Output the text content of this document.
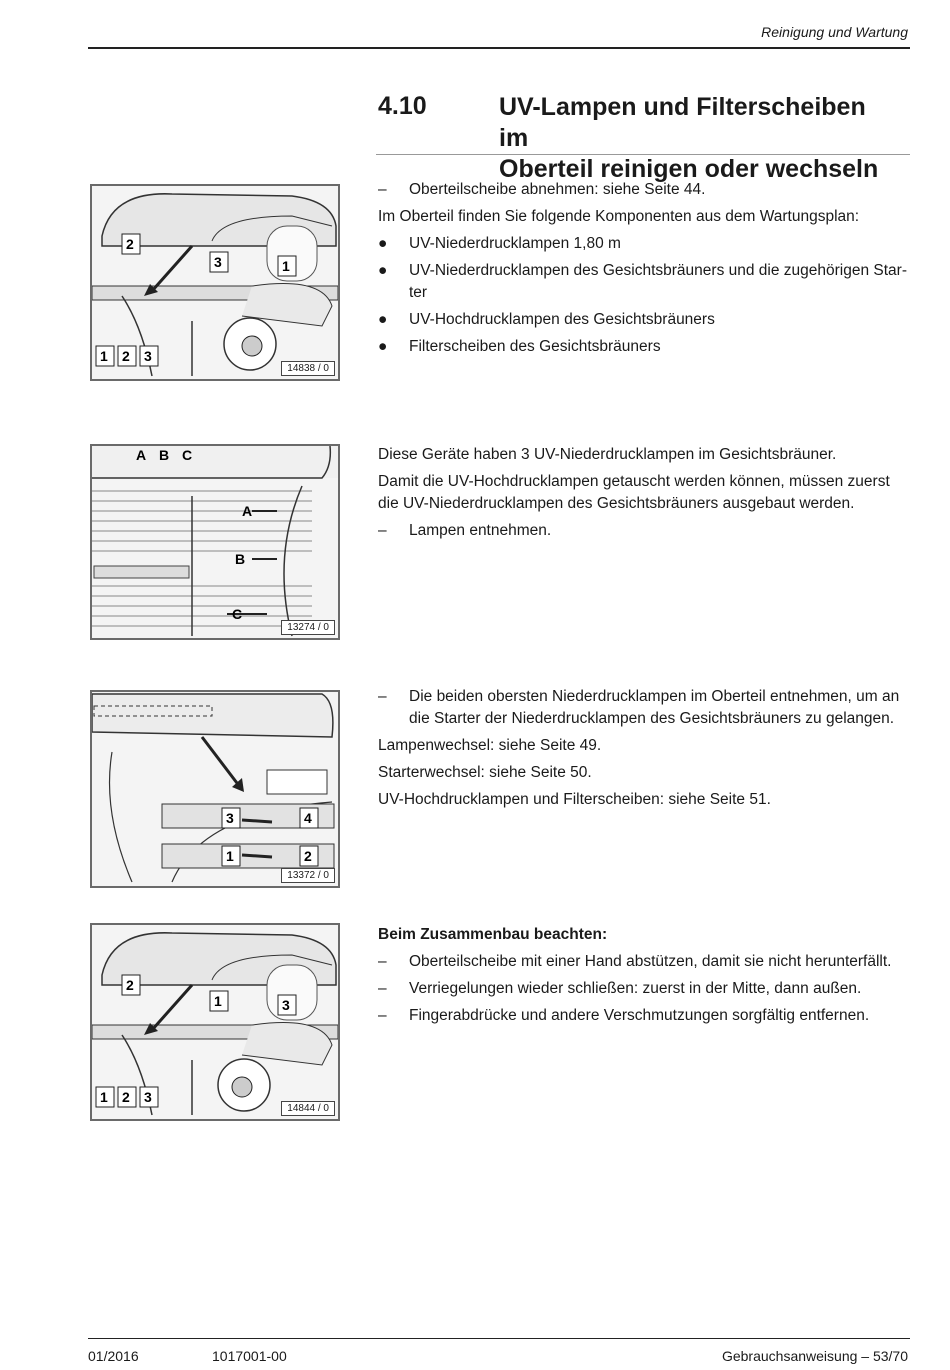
Reinigung und Wartung
4.10	UV-Lampen und Filterscheiben im
Oberteil reinigen oder wechseln
2
3	1
1 2 3
14838 / 0
– Oberteilscheibe abnehmen: siehe Seite 44.
Im Oberteil finden Sie folgende Komponenten aus dem Wartungsplan:
● UV-Niederdrucklampen 1,80 m
● UV-Niederdrucklampen des Gesichtsbräuners und die zugehörigen Star-ter
● UV-Hochdrucklampen des Gesichtsbräuners
● Filterscheiben des Gesichtsbräuners
A B C
A
B
C
13274 / 0
Diese Geräte haben 3 UV-Niederdrucklampen im Gesichtsbräuner.
Damit die UV-Hochdrucklampen getauscht werden können, müssen zuerst die UV-Niederdrucklampen des Gesichtsbräuners ausgebaut werden.
– Lampen entnehmen.
3	4
1	2
13372 / 0
– Die beiden obersten Niederdrucklampen im Oberteil entnehmen, um an die Starter der Niederdrucklampen des Gesichtsbräuners zu gelangen.
Lampenwechsel: siehe Seite 49.
Starterwechsel: siehe Seite 50.
UV-Hochdrucklampen und Filterscheiben: siehe Seite 51.
2
1	3
1 2 3
14844 / 0
Beim Zusammenbau beachten:
– Oberteilscheibe mit einer Hand abstützen, damit sie nicht herunterfällt.
– Verriegelungen wieder schließen: zuerst in der Mitte, dann außen.
– Fingerabdrücke und andere Verschmutzungen sorgfältig entfernen.
01/2016	1017001-00	Gebrauchsanweisung – 53/70
